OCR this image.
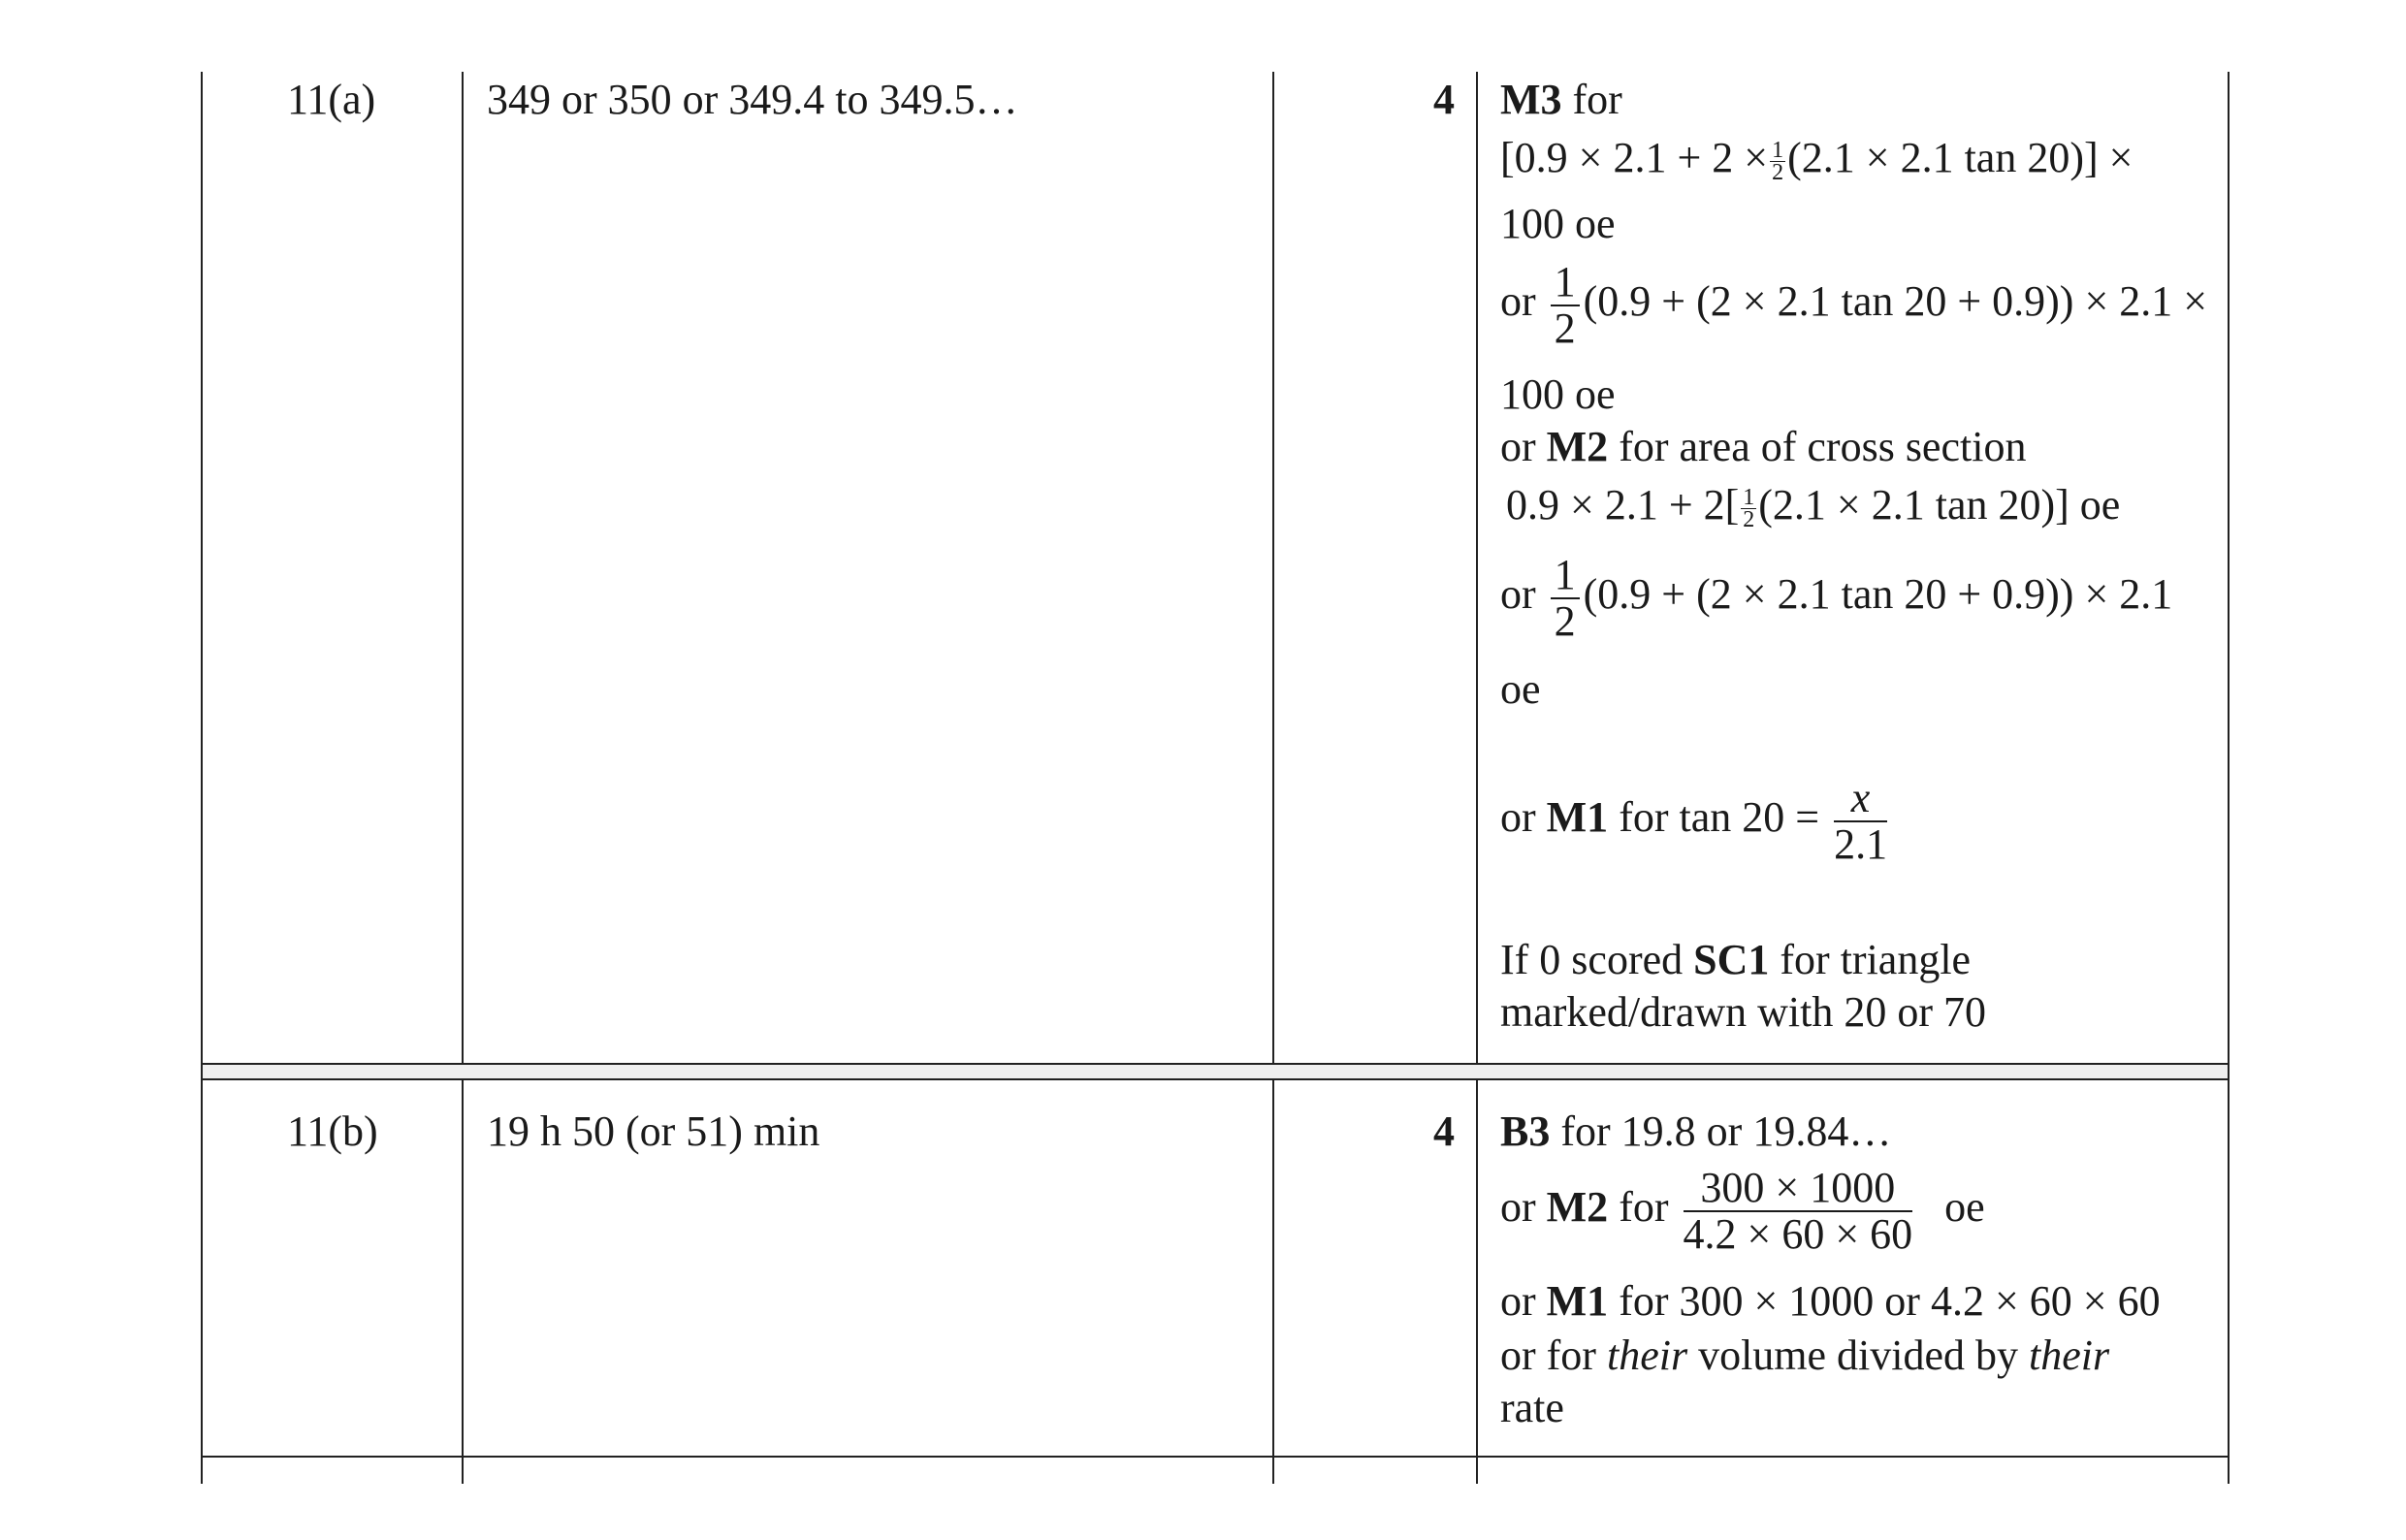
11(a)	349 or 350 or 349.4 to 349.5…	4 M3 for
[$0.9 \times 2.1 + 2 \times \frac{1}{2} (2.1 \times 2.1$ tan 20)] ×
100 oe
or $\frac{1}{2} (0.9 + (2 \times 2.1$ tan 20 + 0.9)) × 2.1 ×
100 oe
or M2 for area of cross section
$0.9 \times 2.1 + 2[ \frac{1}{2} (2.1 \times 2.1$ tan 20)] oe
or $\frac{1}{2} (0.9 + (2 \times 2.1$ tan 20 + 0.9)) × 2.1
oe
or M1 for $\tan 20 = \frac{x}{2.1}$
If 0 scored SC1 for triangle
marked/drawn with 20 or 70
11(b)	19 h 50 (or 51) min	4 B3 for 19.8 or 19.84…
or M2 for $\frac{300 \times 1000}{4.2 \times 60 \times 60}$ oe
or M1 for 300 × 1000 or 4.2 × 60 × 60
or for their volume divided by their
rate
